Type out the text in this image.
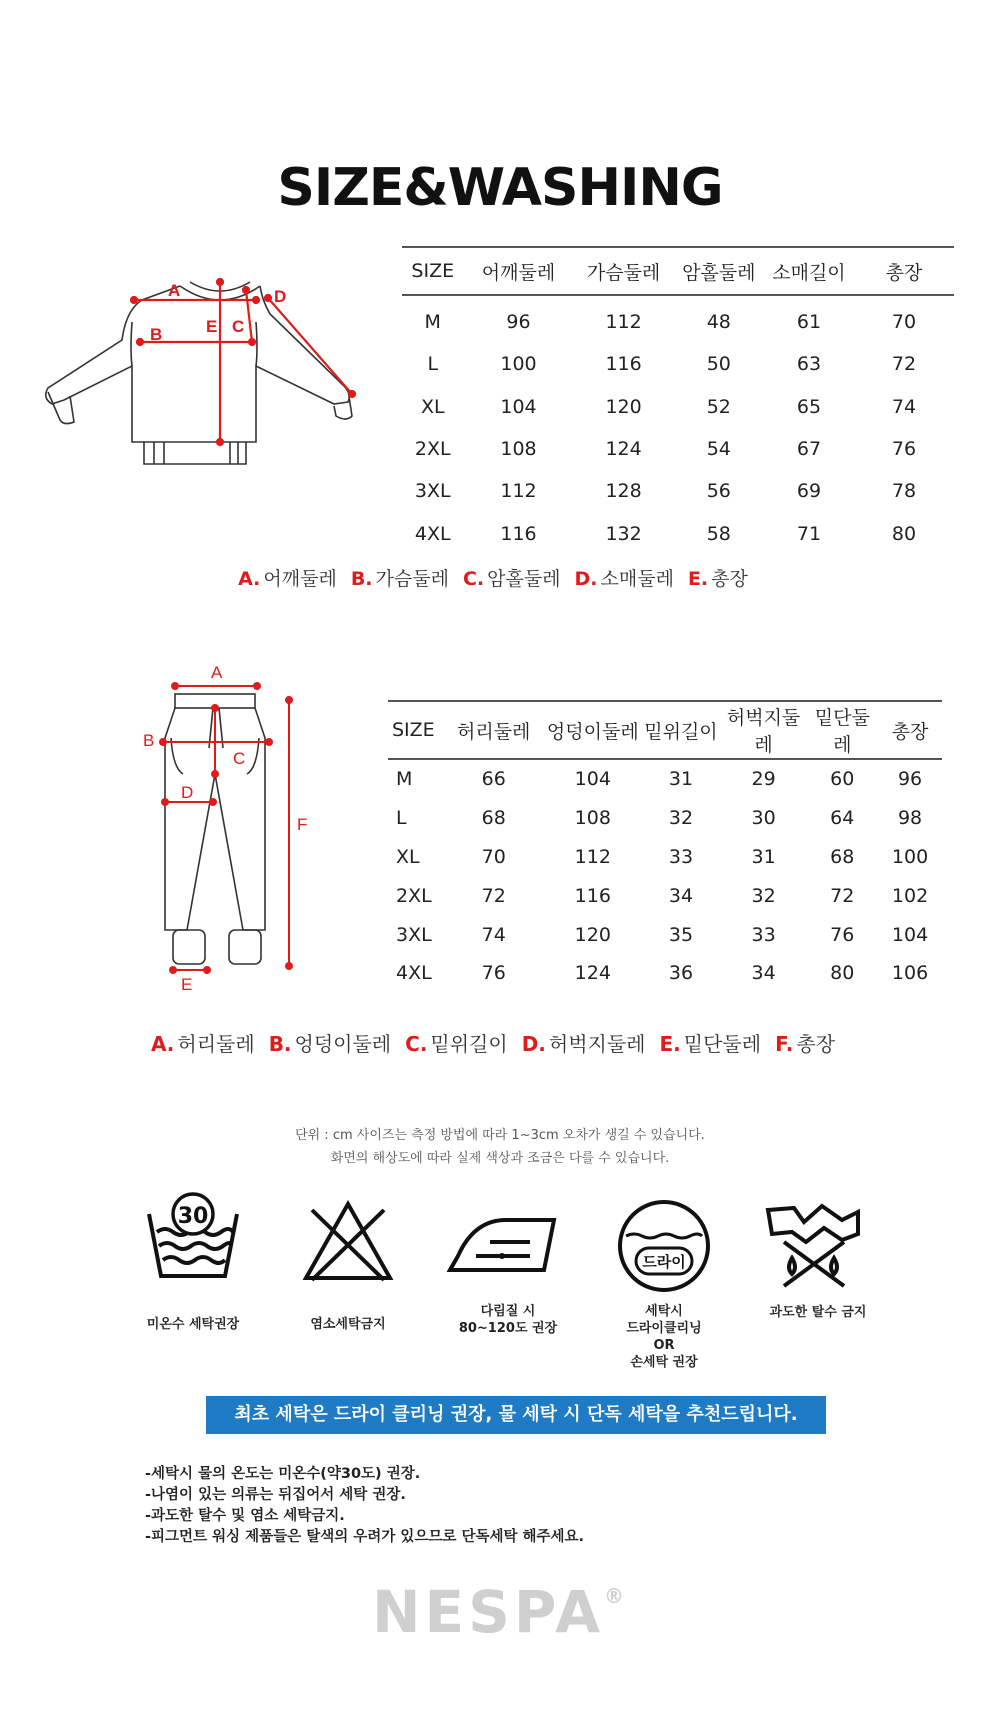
SIZE&WASHING
A
B	C
D
E
SIZE	어깨둘레	가슴둘레	암홀둘레	소매길이	총장
M	96	112	48	61	70
L	100	116	50	63	72
XL	104	120	52	65	74
2XL	108	124	54	67	76
3XL	112	128	56	69	78
4XL	116	132	58	71	80
A. 어깨둘레 B. 가슴둘레 C. 암홀둘레 D. 소매둘레 E. 총장
A
B
C
D
E
F
SIZE	허리둘레	엉덩이둘레	밑위길이	허벅지둘레	밑단둘레	총장
M	66	104	31	29	60	96
L	68	108	32	30	64	98
XL	70	112	33	31	68	100
2XL	72	116	34	32	72	102
3XL	74	120	35	33	76	104
4XL	76	124	36	34	80	106
A. 허리둘레 B. 엉덩이둘레 C. 밑위길이 D. 허벅지둘레 E. 밑단둘레 F. 총장
단위 : cm 사이즈는 측정 방법에 따라 1~3cm 오차가 생길 수 있습니다.
화면의 해상도에 따라 실제 색상과 조금은 다를 수 있습니다.
30
미온수 세탁권장	염소세탁금지
다림질 시
80~120도 권장
드라이
세탁시
드라이클리닝
OR
손세탁 권장
과도한 탈수 금지
최초 세탁은 드라이 클리닝 권장, 물 세탁 시 단독 세탁을 추천드립니다.
-세탁시 물의 온도는 미온수(약30도) 권장.
-나염이 있는 의류는 뒤집어서 세탁 권장.
-과도한 탈수 및 염소 세탁금지.
-피그먼트 워싱 제품들은 탈색의 우려가 있으므로 단독세탁 해주세요.
NESPA®
